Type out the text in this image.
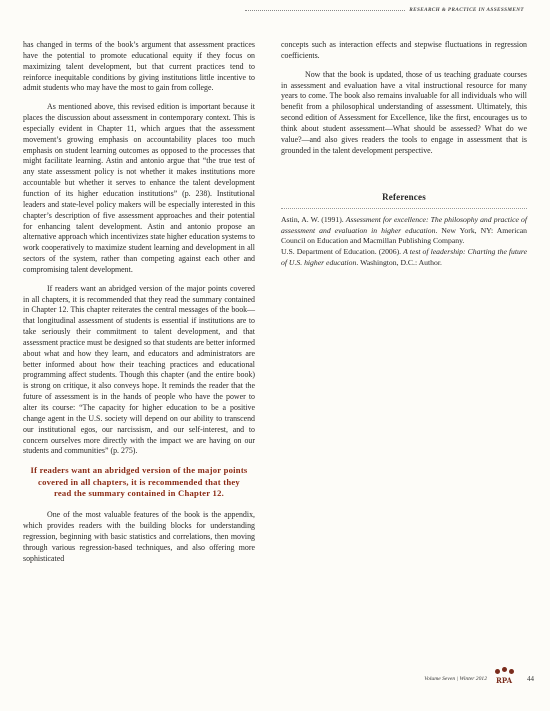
RESEARCH & PRACTICE IN ASSESSMENT

has changed in terms of the book’s argument that assessment practices have the potential to promote educational equity if they focus on maximizing talent development, but that current practices tend to reinforce inequitable conditions by giving institutions little incentive to admit students who may have the most to gain from college.

As mentioned above, this revised edition is important because it places the discussion about assessment in contemporary context. This is especially evident in Chapter 11, which argues that the assessment movement’s growing emphasis on accountability places too much emphasis on student learning outcomes as opposed to the processes that might facilitate learning. Astin and antonio argue that “the true test of any state assessment policy is not whether it makes institutions more accountable but whether it serves to enhance the talent development function of its higher education institutions” (p. 238). Institutional leaders and state-level policy makers will be especially interested in this chapter’s description of five assessment approaches and their potential for enhancing talent development. Astin and antonio propose an alternative approach which incentivizes state higher education systems to work cooperatively to maximize student learning and development in all sectors of the system, rather than competing against each other and compromising talent development.

If readers want an abridged version of the major points covered in all chapters, it is recommended that they read the summary contained in Chapter 12. This chapter reiterates the central messages of the book—that longitudinal assessment of students is essential if institutions are to take seriously their commitment to talent development, and that assessment practice must be designed so that students are better informed about what and how they learn, and educators and administrators are better informed about how their teaching practices and educational programming affect students. Though this chapter (and the entire book) is strong on critique, it also conveys hope. It reminds the reader that the future of assessment is in the hands of people who have the power to alter its course: “The capacity for higher education to be a positive change agent in the U.S. society will depend on our ability to transcend our institutional egos, our narcissism, and our self-interest, and to concern ourselves more directly with the impact we are having on our students and communities” (p. 275).

If readers want an abridged version of the major points covered in all chapters, it is recommended that they read the summary contained in Chapter 12.

One of the most valuable features of the book is the appendix, which provides readers with the building blocks for understanding regression, beginning with basic statistics and correlations, then moving through various regression-based techniques, and also offering more sophisticated

concepts such as interaction effects and stepwise fluctuations in regression coefficients.

Now that the book is updated, those of us teaching graduate courses in assessment and evaluation have a vital instructional resource for many years to come. The book also remains invaluable for all individuals who will benefit from a philosophical understanding of assessment. Ultimately, this second edition of Assessment for Excellence, like the first, encourages us to think about student assessment—What should be assessed? What do we value?—and also gives readers the tools to engage in assessment that is grounded in the talent development perspective.

References

Astin, A. W. (1991). Assessment for excellence: The philosophy and practice of assessment and evaluation in higher education. New York, NY: American Council on Education and Macmillan Publishing Company.

U.S. Department of Education. (2006). A test of leadership: Charting the future of U.S. higher education. Washington, D.C.: Author.

Volume Seven | Winter 2012 RPA 44
